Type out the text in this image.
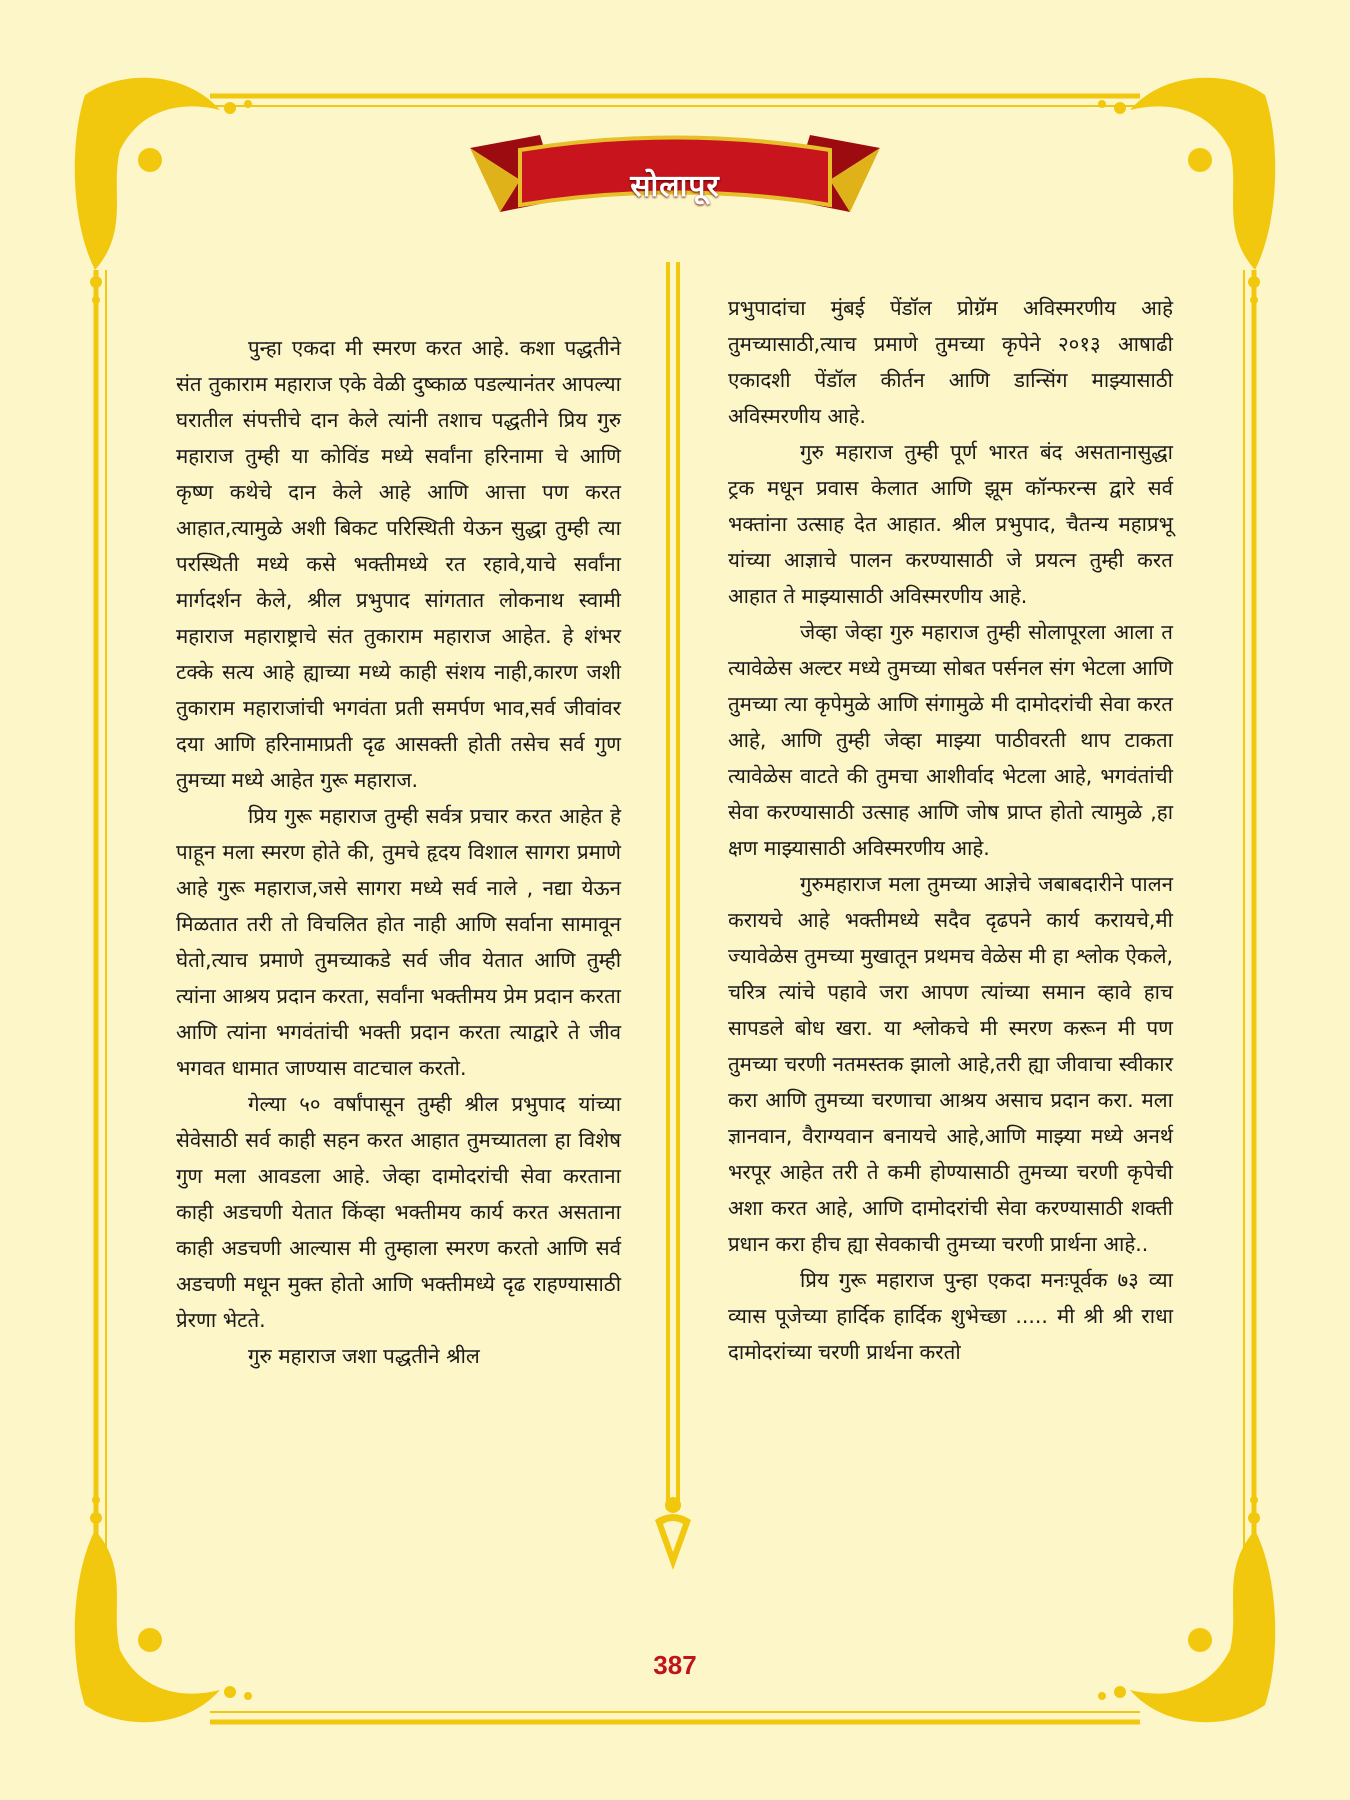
सोलापूर

पुन्हा एकदा मी स्मरण करत आहे. कशा पद्धतीने संत तुकाराम महाराज एके वेळी दुष्काळ पडल्यानंतर आपल्या घरातील संपत्तीचे दान केले त्यांनी तशाच पद्धतीने प्रिय गुरु महाराज तुम्ही या कोविंड मध्ये सर्वांना हरिनामा चे आणि कृष्ण कथेचे दान केले आहे आणि आत्ता पण करत आहात,त्यामुळे अशी बिकट परिस्थिती येऊन सुद्धा तुम्ही त्या परस्थिती मध्ये कसे भक्तीमध्ये रत रहावे,याचे सर्वांना मार्गदर्शन केले, श्रील प्रभुपाद सांगतात लोकनाथ स्वामी महाराज महाराष्ट्राचे संत तुकाराम महाराज आहेत. हे शंभर टक्के सत्य आहे ह्याच्या मध्ये काही संशय नाही,कारण जशी तुकाराम महाराजांची भगवंता प्रती समर्पण भाव,सर्व जीवांवर दया आणि हरिनामाप्रती दृढ आसक्ती होती तसेच सर्व गुण तुमच्या मध्ये आहेत गुरू महाराज.

प्रिय गुरू महाराज तुम्ही सर्वत्र प्रचार करत आहेत हे पाहून मला स्मरण होते की, तुमचे हृदय विशाल सागरा प्रमाणे आहे गुरू महाराज,जसे सागरा मध्ये सर्व नाले , नद्या येऊन मिळतात तरी तो विचलित होत नाही आणि सर्वाना सामावून घेतो,त्याच प्रमाणे तुमच्याकडे सर्व जीव येतात आणि तुम्ही त्यांना आश्रय प्रदान करता, सर्वांना भक्तीमय प्रेम प्रदान करता आणि त्यांना भगवंतांची भक्ती प्रदान करता त्याद्वारे ते जीव भगवत धामात जाण्यास वाटचाल करतो.

गेल्या ५० वर्षांपासून तुम्ही श्रील प्रभुपाद यांच्या सेवेसाठी सर्व काही सहन करत आहात तुमच्यातला हा विशेष गुण मला आवडला आहे. जेव्हा दामोदरांची सेवा करताना काही अडचणी येतात किंव्हा भक्तीमय कार्य करत असताना काही अडचणी आल्यास मी तुम्हाला स्मरण करतो आणि सर्व अडचणी मधून मुक्त होतो आणि भक्तीमध्ये दृढ राहण्यासाठी प्रेरणा भेटते.

गुरु महाराज जशा पद्धतीने श्रील

प्रभुपादांचा मुंबई पेंडॉल प्रोग्रॅम अविस्मरणीय आहे तुमच्यासाठी,त्याच प्रमाणे तुमच्या कृपेने २०१३ आषाढी एकादशी पेंडॉल कीर्तन आणि डान्सिंग माझ्यासाठी अविस्मरणीय आहे.

गुरु महाराज तुम्ही पूर्ण भारत बंद असतानासुद्धा ट्रक मधून प्रवास केलात आणि झूम कॉन्फरन्स द्वारे सर्व भक्तांना उत्साह देत आहात. श्रील प्रभुपाद, चैतन्य महाप्रभू यांच्या आज्ञाचे पालन करण्यासाठी जे प्रयत्न तुम्ही करत आहात ते माझ्यासाठी अविस्मरणीय आहे.

जेव्हा जेव्हा गुरु महाराज तुम्ही सोलापूरला आला त त्यावेळेस अल्टर मध्ये तुमच्या सोबत पर्सनल संग भेटला आणि तुमच्या त्या कृपेमुळे आणि संगामुळे मी दामोदरांची सेवा करत आहे, आणि तुम्ही जेव्हा माझ्या पाठीवरती थाप टाकता त्यावेळेस वाटते की तुमचा आशीर्वाद भेटला आहे, भगवंतांची सेवा करण्यासाठी उत्साह आणि जोष प्राप्त होतो त्यामुळे ,हा क्षण माझ्यासाठी अविस्मरणीय आहे.

गुरुमहाराज मला तुमच्या आज्ञेचे जबाबदारीने पालन करायचे आहे भक्तीमध्ये सदैव दृढपने कार्य करायचे,मी ज्यावेळेस तुमच्या मुखातून प्रथमच वेळेस मी हा श्लोक ऐकले, चरित्र त्यांचे पहावे जरा आपण त्यांच्या समान व्हावे हाच सापडले बोध खरा. या श्लोकचे मी स्मरण करून मी पण तुमच्या चरणी नतमस्तक झालो आहे,तरी ह्या जीवाचा स्वीकार करा आणि तुमच्या चरणाचा आश्रय असाच प्रदान करा. मला ज्ञानवान, वैराग्यवान बनायचे आहे,आणि माझ्या मध्ये अनर्थ भरपूर आहेत तरी ते कमी होण्यासाठी तुमच्या चरणी कृपेची अशा करत आहे, आणि दामोदरांची सेवा करण्यासाठी शक्ती प्रधान करा हीच ह्या सेवकाची तुमच्या चरणी प्रार्थना आहे..

प्रिय गुरू महाराज पुन्हा एकदा मनःपूर्वक ७३ व्या व्यास पूजेच्या हार्दिक हार्दिक शुभेच्छा ..... मी श्री श्री राधा दामोदरांच्या चरणी प्रार्थना करतो

387
